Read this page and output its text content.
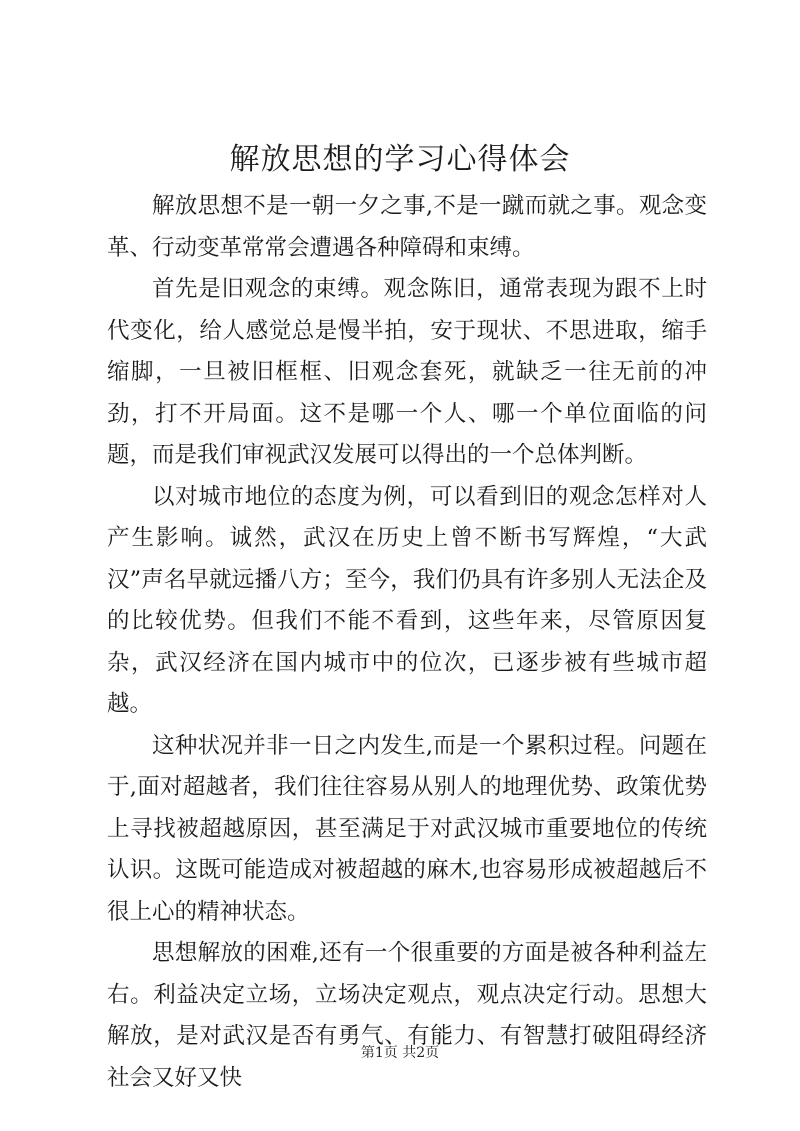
解放思想的学习心得体会

解放思想不是一朝一夕之事,不是一蹴而就之事。观念变革、行动变革常常会遭遇各种障碍和束缚。

首先是旧观念的束缚。观念陈旧，通常表现为跟不上时代变化，给人感觉总是慢半拍，安于现状、不思进取，缩手缩脚，一旦被旧框框、旧观念套死，就缺乏一往无前的冲劲，打不开局面。这不是哪一个人、哪一个单位面临的问题，而是我们审视武汉发展可以得出的一个总体判断。

以对城市地位的态度为例，可以看到旧的观念怎样对人产生影响。诚然，武汉在历史上曾不断书写辉煌，“大武汉”声名早就远播八方；至今，我们仍具有许多别人无法企及的比较优势。但我们不能不看到，这些年来，尽管原因复杂，武汉经济在国内城市中的位次，已逐步被有些城市超越。

这种状况并非一日之内发生,而是一个累积过程。问题在于,面对超越者，我们往往容易从别人的地理优势、政策优势上寻找被超越原因，甚至满足于对武汉城市重要地位的传统认识。这既可能造成对被超越的麻木,也容易形成被超越后不很上心的精神状态。

思想解放的困难,还有一个很重要的方面是被各种利益左右。利益决定立场，立场决定观点，观点决定行动。思想大解放，是对武汉是否有勇气、有能力、有智慧打破阻碍经济社会又好又快

第1页 共2页
